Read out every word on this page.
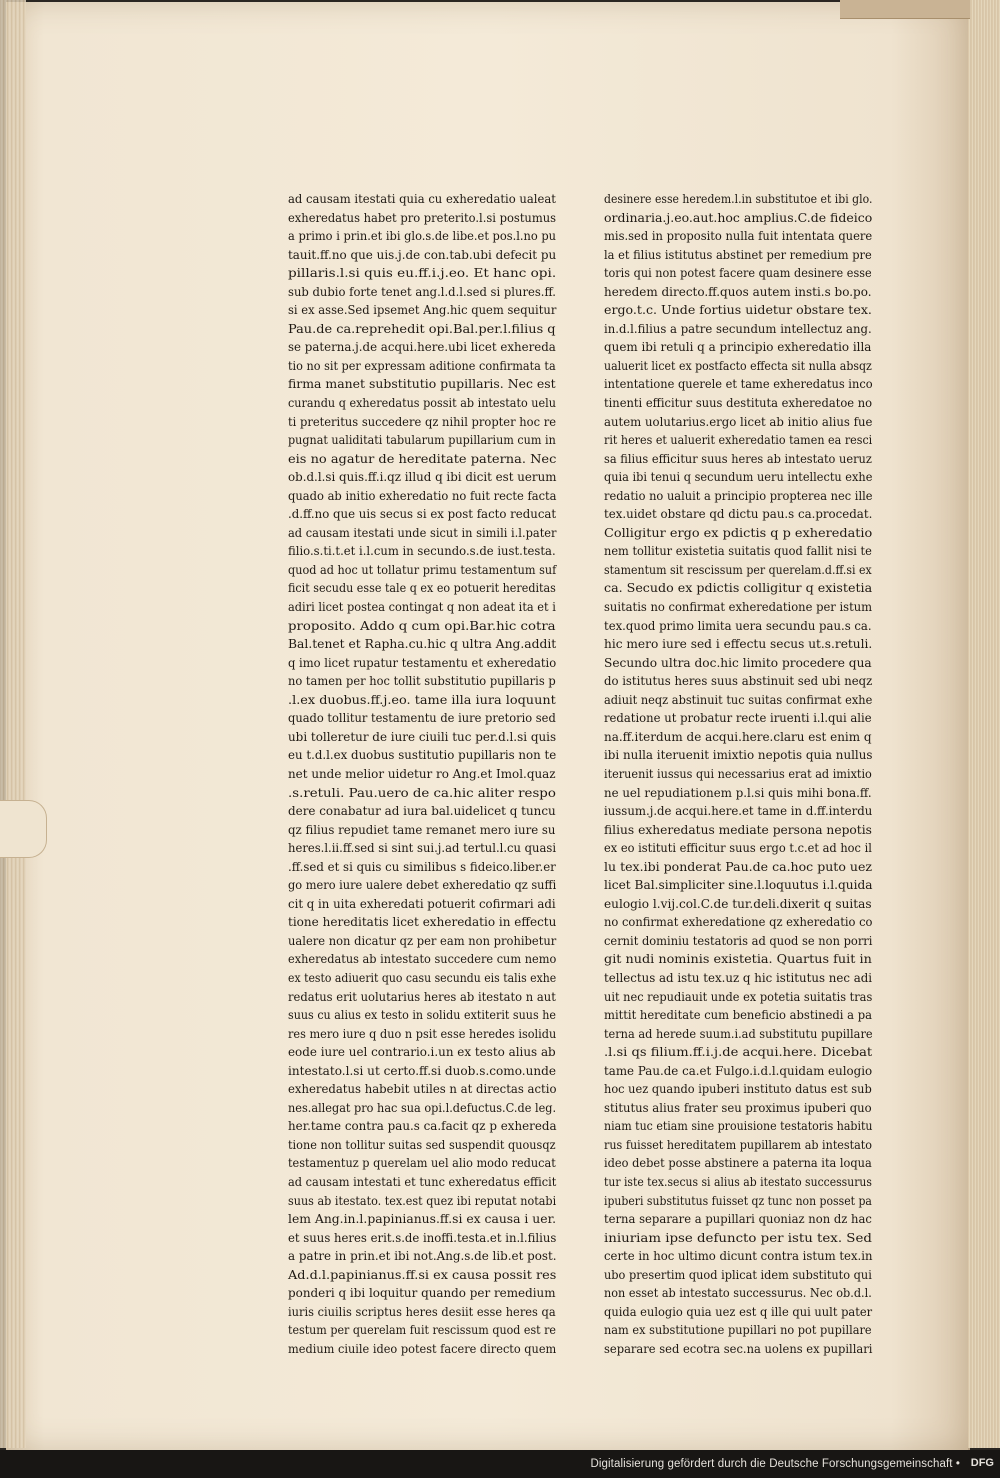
ad causam itestati quia cu exheredatio ualeat
exheredatus habet pro preterito.l.si postumus
a primo i prin.et ibi glo.s.de libe.et pos.l.no pu
tauit.ff.no que uis.j.de con.tab.ubi defecit pu
pillaris.l.si quis eu.ff.i.j.eo. Et hanc opi.
sub dubio forte tenet ang.l.d.l.sed si plures.ff.
si ex asse.Sed ipsemet Ang.hic quem sequitur
Pau.de ca.reprehedit opi.Bal.per.l.filius q
se paterna.j.de acqui.here.ubi licet exhereda
tio no sit per expressam aditione confirmata ta
firma manet substitutio pupillaris. Nec est
curandu q exheredatus possit ab intestato uelu
ti preteritus succedere qz nihil propter hoc re
pugnat ualiditati tabularum pupillarium cum in
eis no agatur de hereditate paterna. Nec
ob.d.l.si quis.ff.i.qz illud q ibi dicit est uerum
quado ab initio exheredatio no fuit recte facta
.d.ff.no que uis secus si ex post facto reducat
ad causam itestati unde sicut in simili i.l.pater
filio.s.ti.t.et i.l.cum in secundo.s.de iust.testa.
quod ad hoc ut tollatur primu testamentum suf
ficit secudu esse tale q ex eo potuerit hereditas
adiri licet postea contingat q non adeat ita et i
proposito. Addo q cum opi.Bar.hic cotra
Bal.tenet et Rapha.cu.hic q ultra Ang.addit
q imo licet rupatur testamentu et exheredatio
no tamen per hoc tollit substitutio pupillaris p
.l.ex duobus.ff.j.eo. tame illa iura loquunt
quado tollitur testamentu de iure pretorio sed
ubi tolleretur de iure ciuili tuc per.d.l.si quis
eu t.d.l.ex duobus sustitutio pupillaris non te
net unde melior uidetur ro Ang.et Imol.quaz
.s.retuli. Pau.uero de ca.hic aliter respo
dere conabatur ad iura bal.uidelicet q tuncu
qz filius repudiet tame remanet mero iure su
heres.l.ii.ff.sed si sint sui.j.ad tertul.l.cu quasi
.ff.sed et si quis cu similibus s fideico.liber.er
go mero iure ualere debet exheredatio qz suffi
cit q in uita exheredati potuerit cofirmari adi
tione hereditatis licet exheredatio in effectu
ualere non dicatur qz per eam non prohibetur
exheredatus ab intestato succedere cum nemo
ex testo adiuerit quo casu secundu eis talis exhe
redatus erit uolutarius heres ab itestato n aut
suus cu alius ex testo in solidu extiterit suus he
res mero iure q duo n psit esse heredes isolidu
eode iure uel contrario.i.un ex testo alius ab
intestato.l.si ut certo.ff.si duob.s.como.unde
exheredatus habebit utiles n at directas actio
nes.allegat pro hac sua opi.l.defuctus.C.de leg.
her.tame contra pau.s ca.facit qz p exhereda
tione non tollitur suitas sed suspendit quousqz
testamentuz p querelam uel alio modo reducat
ad causam intestati et tunc exheredatus efficit
suus ab itestato. tex.est quez ibi reputat notabi
lem Ang.in.l.papinianus.ff.si ex causa i uer.
et suus heres erit.s.de inoffi.testa.et in.l.filius
a patre in prin.et ibi not.Ang.s.de lib.et post.
Ad.d.l.papinianus.ff.si ex causa possit res
ponderi q ibi loquitur quando per remedium
iuris ciuilis scriptus heres desiit esse heres qa
testum per querelam fuit rescissum quod est re
medium ciuile ideo potest facere directo quem
desinere esse heredem.l.in substitutoe et ibi glo.
ordinaria.j.eo.aut.hoc amplius.C.de fideico
mis.sed in proposito nulla fuit intentata quere
la et filius istitutus abstinet per remedium pre
toris qui non potest facere quam desinere esse
heredem directo.ff.quos autem insti.s bo.po.
ergo.t.c. Unde fortius uidetur obstare tex.
in.d.l.filius a patre secundum intellectuz ang.
quem ibi retuli q a principio exheredatio illa
ualuerit licet ex postfacto effecta sit nulla absqz
intentatione querele et tame exheredatus inco
tinenti efficitur suus destituta exheredatoe no
autem uolutarius.ergo licet ab initio alius fue
rit heres et ualuerit exheredatio tamen ea resci
sa filius efficitur suus heres ab intestato ueruz
quia ibi tenui q secundum ueru intellectu exhe
redatio no ualuit a principio propterea nec ille
tex.uidet obstare qd dictu pau.s ca.procedat.
Colligitur ergo ex pdictis q p exheredatio
nem tollitur existetia suitatis quod fallit nisi te
stamentum sit rescissum per querelam.d.ff.si ex
ca. Secudo ex pdictis colligitur q existetia
suitatis no confirmat exheredatione per istum
tex.quod primo limita uera secundu pau.s ca.
hic mero iure sed i effectu secus ut.s.retuli.
Secundo ultra doc.hic limito procedere qua
do istitutus heres suus abstinuit sed ubi neqz
adiuit neqz abstinuit tuc suitas confirmat exhe
redatione ut probatur recte iruenti i.l.qui alie
na.ff.iterdum de acqui.here.claru est enim q
ibi nulla iteruenit imixtio nepotis quia nullus
iteruenit iussus qui necessarius erat ad imixtio
ne uel repudiationem p.l.si quis mihi bona.ff.
iussum.j.de acqui.here.et tame in d.ff.interdu
filius exheredatus mediate persona nepotis
ex eo istituti efficitur suus ergo t.c.et ad hoc il
lu tex.ibi ponderat Pau.de ca.hoc puto uez
licet Bal.simpliciter sine.l.loquutus i.l.quida
eulogio l.vij.col.C.de tur.deli.dixerit q suitas
no confirmat exheredatione qz exheredatio co
cernit dominiu testatoris ad quod se non porri
git nudi nominis existetia. Quartus fuit in
tellectus ad istu tex.uz q hic istitutus nec adi
uit nec repudiauit unde ex potetia suitatis tras
mittit hereditate cum beneficio abstinedi a pa
terna ad herede suum.i.ad substitutu pupillare
.l.si qs filium.ff.i.j.de acqui.here. Dicebat
tame Pau.de ca.et Fulgo.i.d.l.quidam eulogio
hoc uez quando ipuberi instituto datus est sub
stitutus alius frater seu proximus ipuberi quo
niam tuc etiam sine prouisione testatoris habitu
rus fuisset hereditatem pupillarem ab intestato
ideo debet posse abstinere a paterna ita loqua
tur iste tex.secus si alius ab itestato successurus
ipuberi substitutus fuisset qz tunc non posset pa
terna separare a pupillari quoniaz non dz hac
iniuriam ipse defuncto per istu tex. Sed
certe in hoc ultimo dicunt contra istum tex.in
ubo presertim quod iplicat idem substituto qui
non esset ab intestato successurus. Nec ob.d.l.
quida eulogio quia uez est q ille qui uult pater
nam ex substitutione pupillari no pot pupillare
separare sed ecotra sec.na uolens ex pupillari
Digitalisierung gefördert durch die Deutsche Forschungsgemeinschaft • DFG
